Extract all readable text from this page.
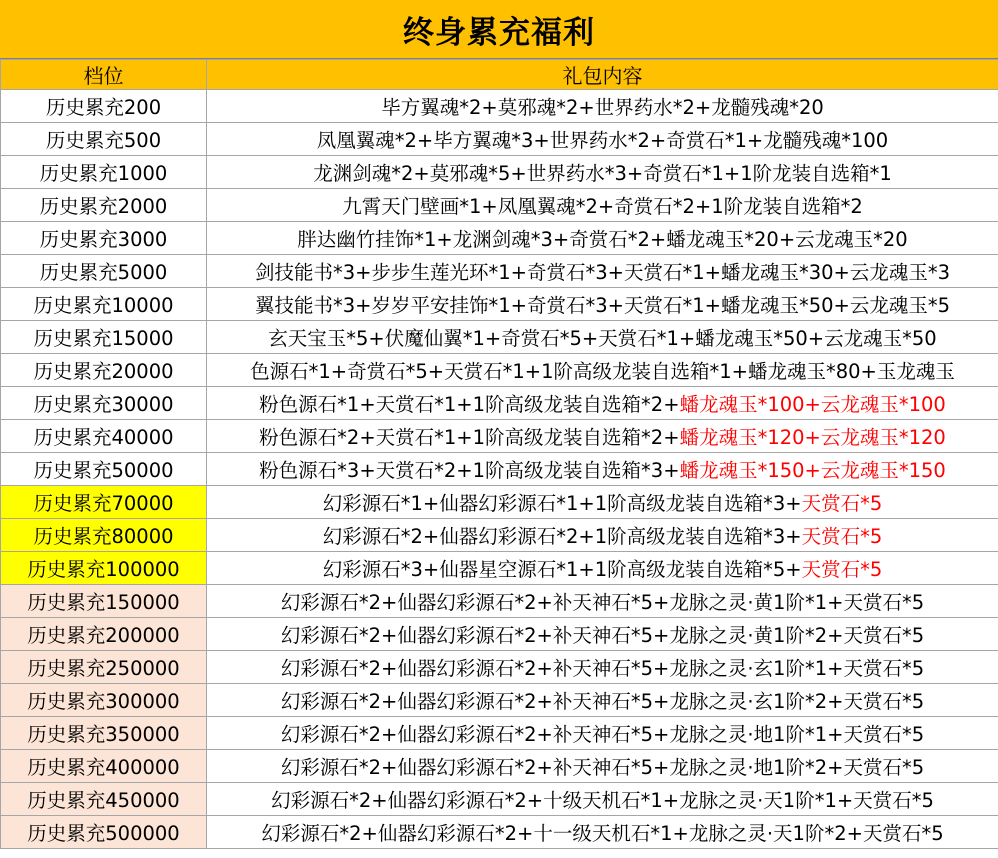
终身累充福利
档位	礼包内容
历史累充200	毕方翼魂*2+莫邪魂*2+世界药水*2+龙髓残魂*20
历史累充500	凤凰翼魂*2+毕方翼魂*3+世界药水*2+奇赏石*1+龙髓残魂*100
历史累充1000	龙渊剑魂*2+莫邪魂*5+世界药水*3+奇赏石*1+1阶龙装自选箱*1
历史累充2000	九霄天门壁画*1+凤凰翼魂*2+奇赏石*2+1阶龙装自选箱*2
历史累充3000	胖达幽竹挂饰*1+龙渊剑魂*3+奇赏石*2+蟠龙魂玉*20+云龙魂玉*20
历史累充5000	剑技能书*3+步步生莲光环*1+奇赏石*3+天赏石*1+蟠龙魂玉*30+云龙魂玉*3
历史累充10000	翼技能书*3+岁岁平安挂饰*1+奇赏石*3+天赏石*1+蟠龙魂玉*50+云龙魂玉*5
历史累充15000	玄天宝玉*5+伏魔仙翼*1+奇赏石*5+天赏石*1+蟠龙魂玉*50+云龙魂玉*50
历史累充20000	色源石*1+奇赏石*5+天赏石*1+1阶高级龙装自选箱*1+蟠龙魂玉*80+玉龙魂玉
历史累充30000	粉色源石*1+天赏石*1+1阶高级龙装自选箱*2+蟠龙魂玉*100+云龙魂玉*100
历史累充40000	粉色源石*2+天赏石*1+1阶高级龙装自选箱*2+蟠龙魂玉*120+云龙魂玉*120
历史累充50000	粉色源石*3+天赏石*2+1阶高级龙装自选箱*3+蟠龙魂玉*150+云龙魂玉*150
历史累充70000	幻彩源石*1+仙器幻彩源石*1+1阶高级龙装自选箱*3+天赏石*5
历史累充80000	幻彩源石*2+仙器幻彩源石*2+1阶高级龙装自选箱*3+天赏石*5
历史累充100000	幻彩源石*3+仙器星空源石*1+1阶高级龙装自选箱*5+天赏石*5
历史累充150000	幻彩源石*2+仙器幻彩源石*2+补天神石*5+龙脉之灵·黄1阶*1+天赏石*5
历史累充200000	幻彩源石*2+仙器幻彩源石*2+补天神石*5+龙脉之灵·黄1阶*2+天赏石*5
历史累充250000	幻彩源石*2+仙器幻彩源石*2+补天神石*5+龙脉之灵·玄1阶*1+天赏石*5
历史累充300000	幻彩源石*2+仙器幻彩源石*2+补天神石*5+龙脉之灵·玄1阶*2+天赏石*5
历史累充350000	幻彩源石*2+仙器幻彩源石*2+补天神石*5+龙脉之灵·地1阶*1+天赏石*5
历史累充400000	幻彩源石*2+仙器幻彩源石*2+补天神石*5+龙脉之灵·地1阶*2+天赏石*5
历史累充450000	幻彩源石*2+仙器幻彩源石*2+十级天机石*1+龙脉之灵·天1阶*1+天赏石*5
历史累充500000	幻彩源石*2+仙器幻彩源石*2+十一级天机石*1+龙脉之灵·天1阶*2+天赏石*5
